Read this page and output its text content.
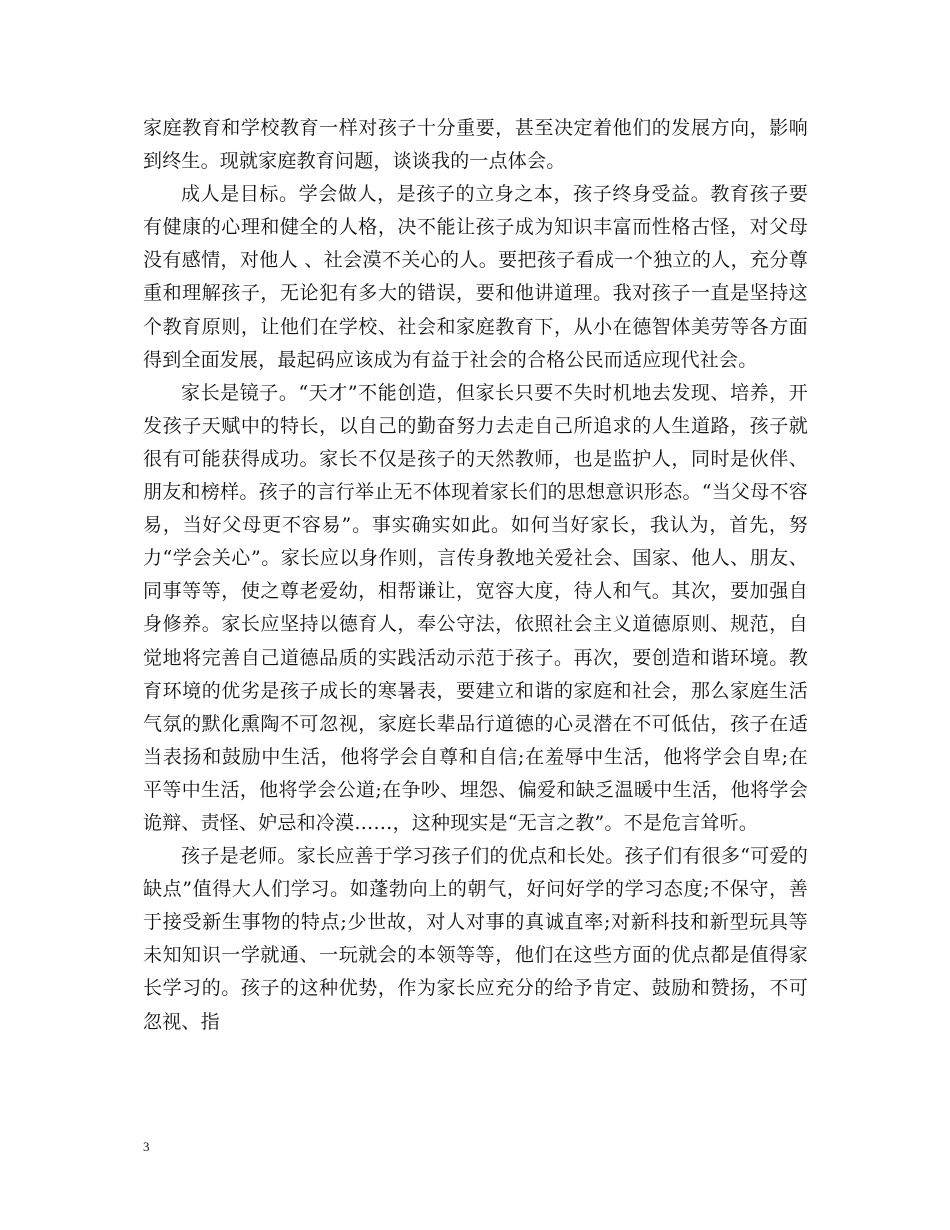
家庭教育和学校教育一样对孩子十分重要，甚至决定着他们的发展方向，影响到终生。现就家庭教育问题，谈谈我的一点体会。

成人是目标。学会做人，是孩子的立身之本，孩子终身受益。教育孩子要有健康的心理和健全的人格，决不能让孩子成为知识丰富而性格古怪，对父母没有感情，对他人 、社会漠不关心的人。要把孩子看成一个独立的人，充分尊重和理解孩子，无论犯有多大的错误，要和他讲道理。我对孩子一直是坚持这个教育原则，让他们在学校、社会和家庭教育下，从小在德智体美劳等各方面得到全面发展，最起码应该成为有益于社会的合格公民而适应现代社会。

家长是镜子。“天才”不能创造，但家长只要不失时机地去发现、培养，开发孩子天赋中的特长，以自己的勤奋努力去走自己所追求的人生道路，孩子就很有可能获得成功。家长不仅是孩子的天然教师，也是监护人，同时是伙伴、朋友和榜样。孩子的言行举止无不体现着家长们的思想意识形态。“当父母不容易，当好父母更不容易”。事实确实如此。如何当好家长，我认为，首先，努力“学会关心”。家长应以身作则，言传身教地关爱社会、国家、他人、朋友、同事等等，使之尊老爱幼，相帮谦让，宽容大度，待人和气。其次，要加强自身修养。家长应坚持以德育人，奉公守法，依照社会主义道德原则、规范，自觉地将完善自己道德品质的实践活动示范于孩子。再次，要创造和谐环境。教育环境的优劣是孩子成长的寒暑表，要建立和谐的家庭和社会，那么家庭生活气氛的默化熏陶不可忽视，家庭长辈品行道德的心灵潜在不可低估，孩子在适当表扬和鼓励中生活，他将学会自尊和自信;在羞辱中生活，他将学会自卑;在平等中生活，他将学会公道;在争吵、埋怨、偏爱和缺乏温暖中生活，他将学会诡辩、责怪、妒忌和冷漠……，这种现实是“无言之教”。不是危言耸听。

孩子是老师。家长应善于学习孩子们的优点和长处。孩子们有很多“可爱的缺点”值得大人们学习。如蓬勃向上的朝气，好问好学的学习态度;不保守，善于接受新生事物的特点;少世故，对人对事的真诚直率;对新科技和新型玩具等未知知识一学就通、一玩就会的本领等等，他们在这些方面的优点都是值得家长学习的。孩子的这种优势，作为家长应充分的给予肯定、鼓励和赞扬，不可忽视、指

3
